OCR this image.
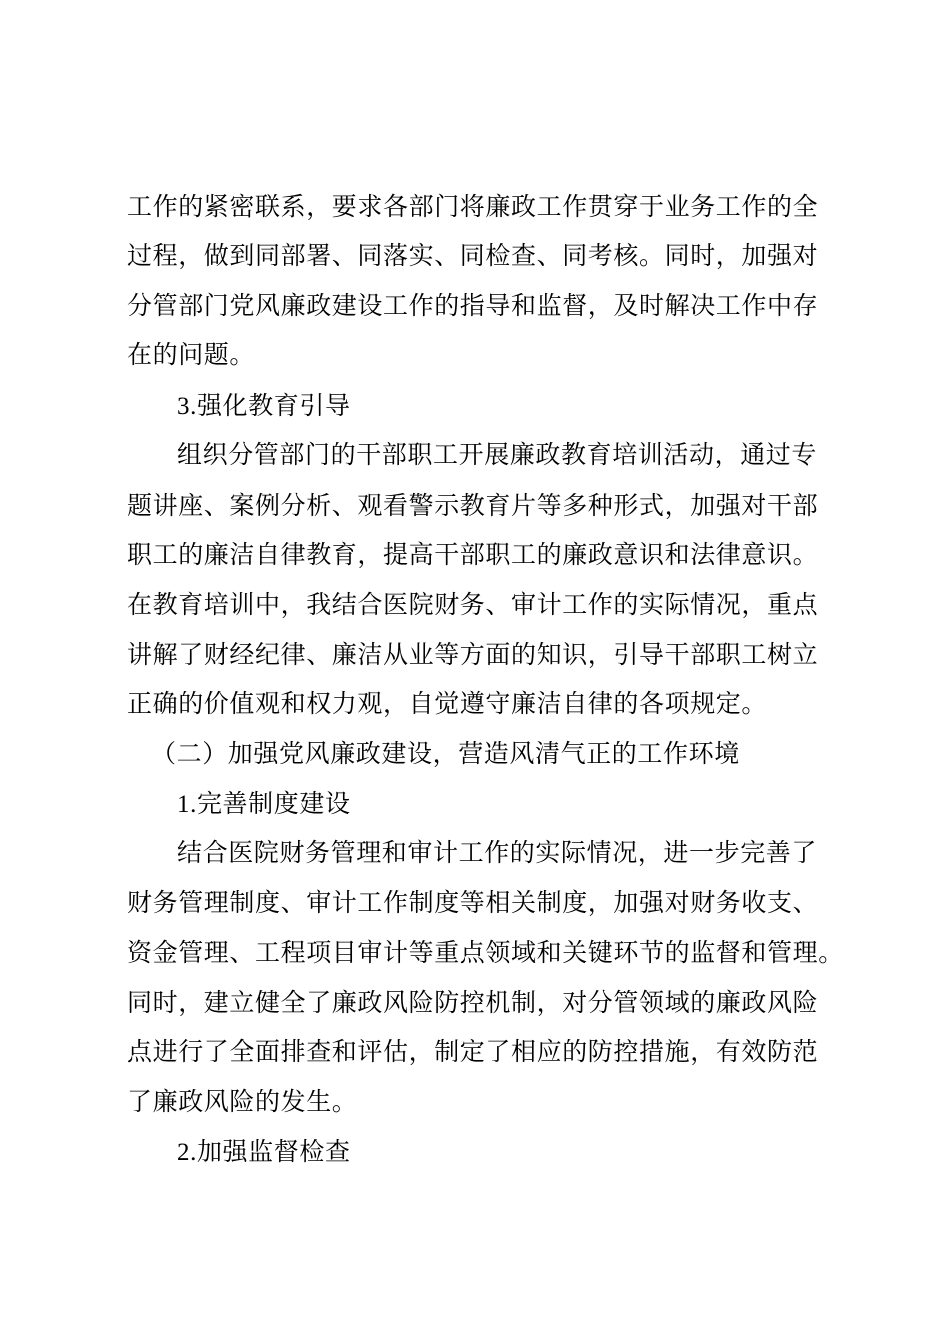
工作的紧密联系，要求各部门将廉政工作贯穿于业务工作的全
过程，做到同部署、同落实、同检查、同考核。同时，加强对
分管部门党风廉政建设工作的指导和监督，及时解决工作中存
在的问题。
3.强化教育引导
组织分管部门的干部职工开展廉政教育培训活动，通过专
题讲座、案例分析、观看警示教育片等多种形式，加强对干部
职工的廉洁自律教育，提高干部职工的廉政意识和法律意识。
在教育培训中，我结合医院财务、审计工作的实际情况，重点
讲解了财经纪律、廉洁从业等方面的知识，引导干部职工树立
正确的价值观和权力观，自觉遵守廉洁自律的各项规定。
（二）加强党风廉政建设，营造风清气正的工作环境
1.完善制度建设
结合医院财务管理和审计工作的实际情况，进一步完善了
财务管理制度、审计工作制度等相关制度，加强对财务收支、
资金管理、工程项目审计等重点领域和关键环节的监督和管理。
同时，建立健全了廉政风险防控机制，对分管领域的廉政风险
点进行了全面排查和评估，制定了相应的防控措施，有效防范
了廉政风险的发生。
2.加强监督检查
